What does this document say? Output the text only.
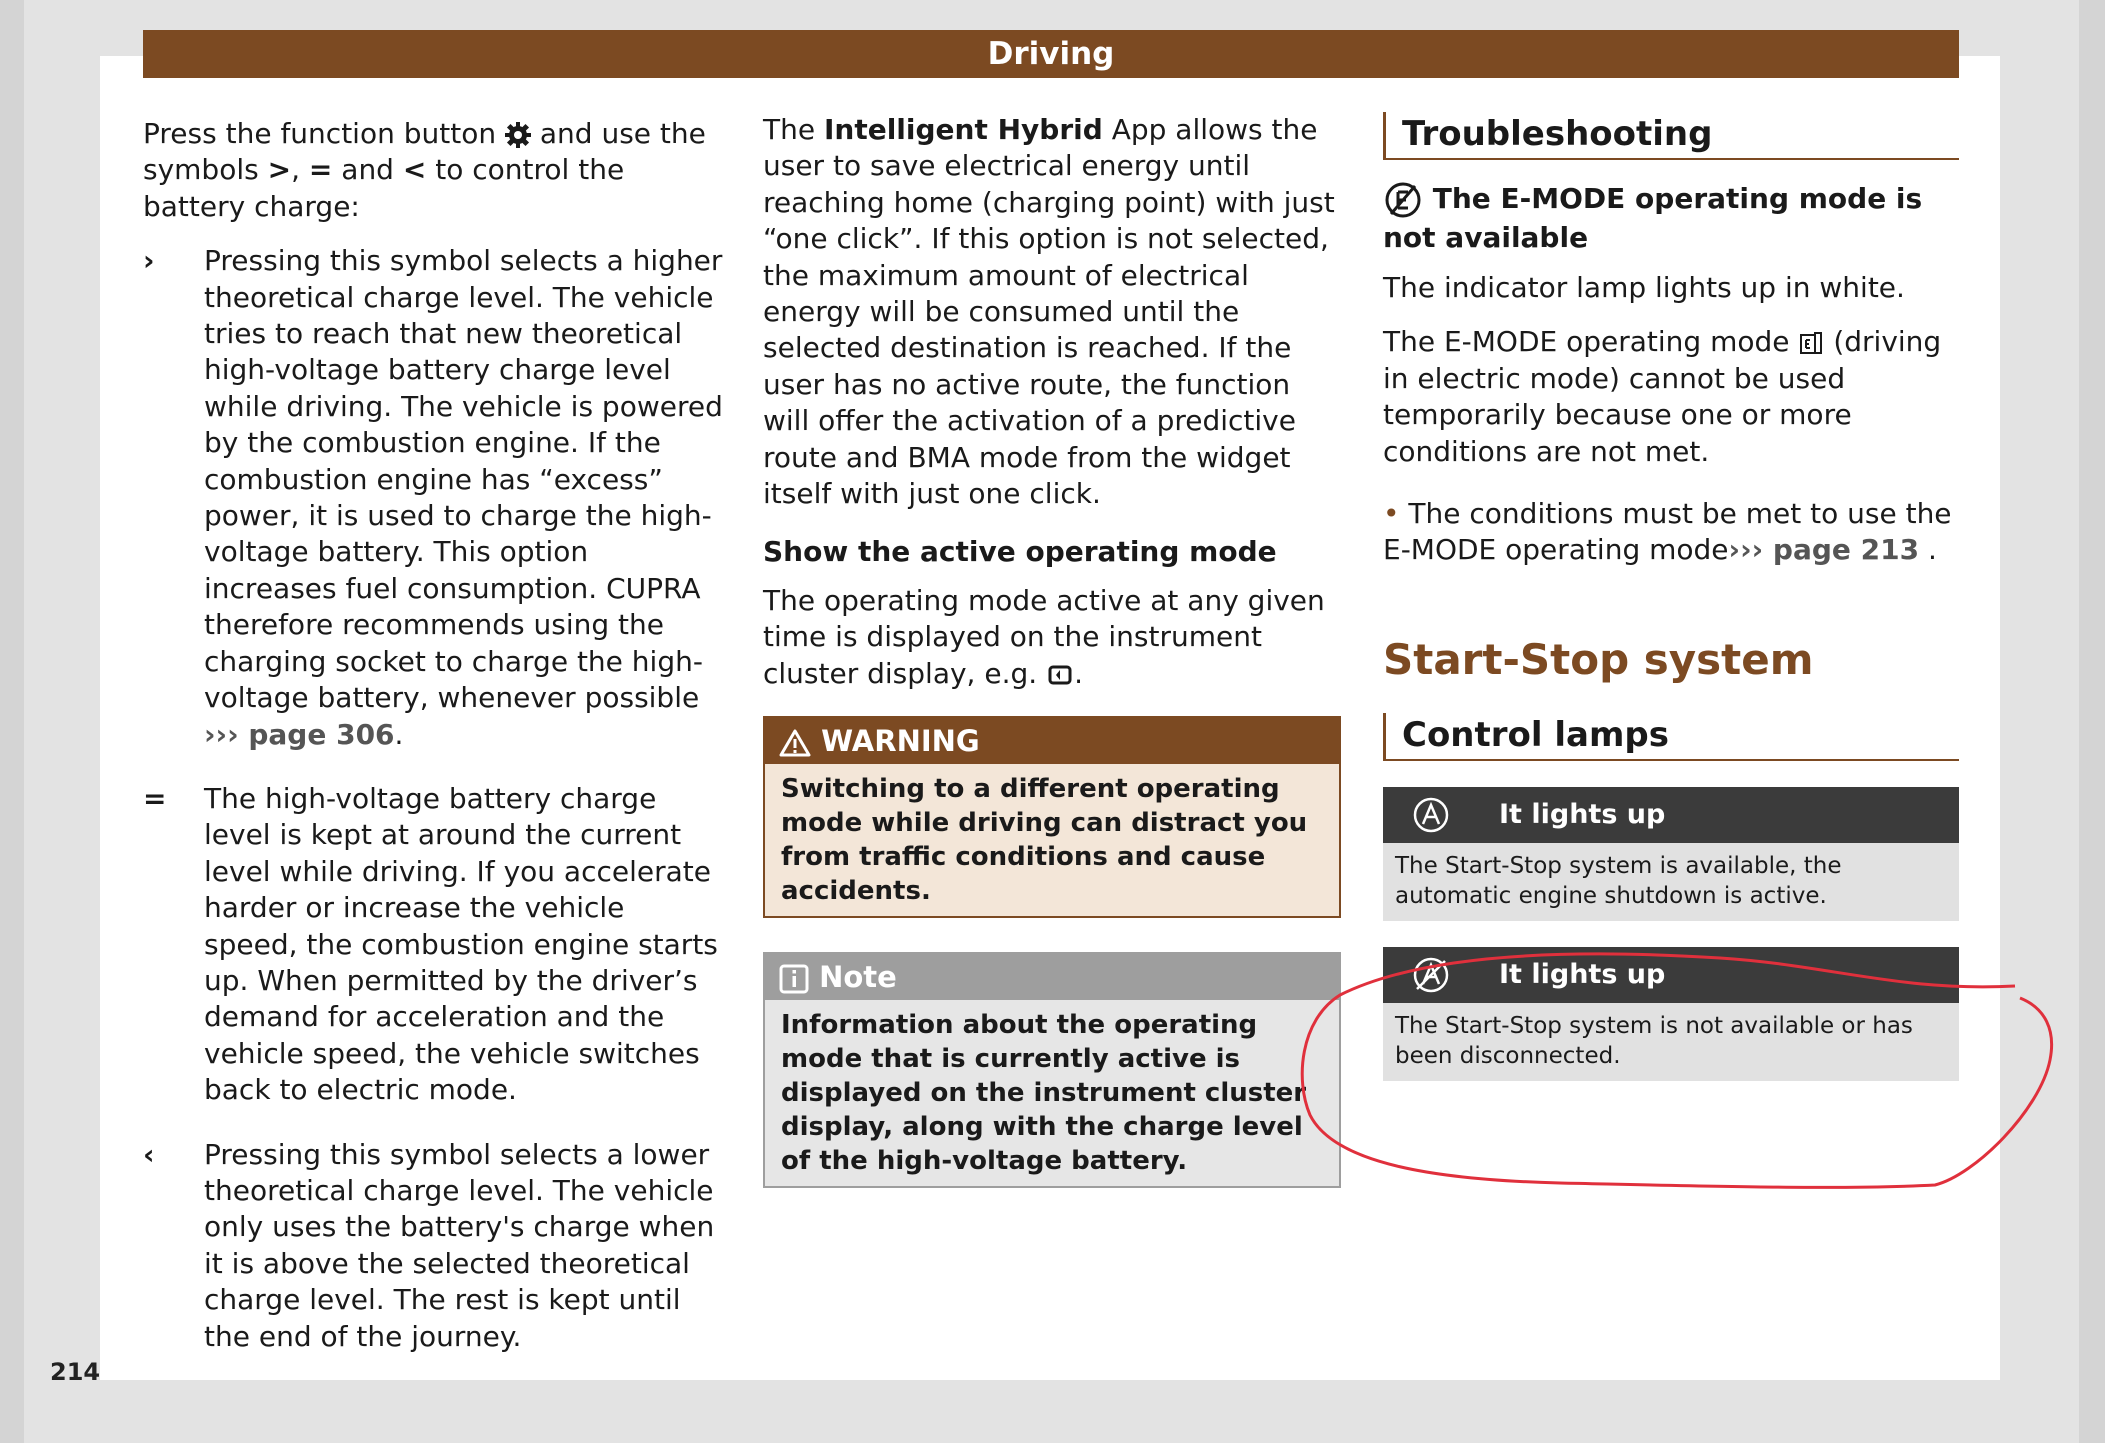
Driving

Press the function button and use the symbols >, = and < to control the battery charge:

›	Pressing this symbol selects a higher theoretical charge level. The vehicle tries to reach that new theoretical high-voltage battery charge level while driving. The vehicle is powered by the combustion engine. If the combustion engine has “excess” power, it is used to charge the high-voltage battery. This option increases fuel consumption. CUPRA therefore recommends using the charging socket to charge the high-voltage battery, whenever possible ››› page 306.
=	The high-voltage battery charge level is kept at around the current level while driving. If you accelerate harder or increase the vehicle speed, the combustion engine starts up. When permitted by the driver’s demand for acceleration and the vehicle speed, the vehicle switches back to electric mode.
‹	Pressing this symbol selects a lower theoretical charge level. The vehicle only uses the battery's charge when it is above the selected theoretical charge level. The rest is kept until the end of the journey.

The Intelligent Hybrid App allows the user to save electrical energy until reaching home (charging point) with just “one click”. If this option is not selected, the maximum amount of electrical energy will be consumed until the selected destination is reached. If the user has no active route, the function will offer the activation of a predictive route and BMA mode from the widget itself with just one click.

Show the active operating mode

The operating mode active at any given time is displayed on the instrument cluster display, e.g. .

WARNING
Switching to a different operating mode while driving can distract you from traffic conditions and cause accidents.
Note
Information about the operating mode that is currently active is displayed on the instrument cluster display, along with the charge level of the high-voltage battery.
Troubleshooting
The E-MODE operating mode is not available

The indicator lamp lights up in white.

The E-MODE operating mode (driving in electric mode) cannot be used temporarily because one or more conditions are not met.

• The conditions must be met to use the E-MODE operating mode››› page 213 .

Start-Stop system
Control lamps
It lights up
The Start-Stop system is available, the automatic engine shutdown is active.
It lights up
The Start-Stop system is not available or has been disconnected.
214
